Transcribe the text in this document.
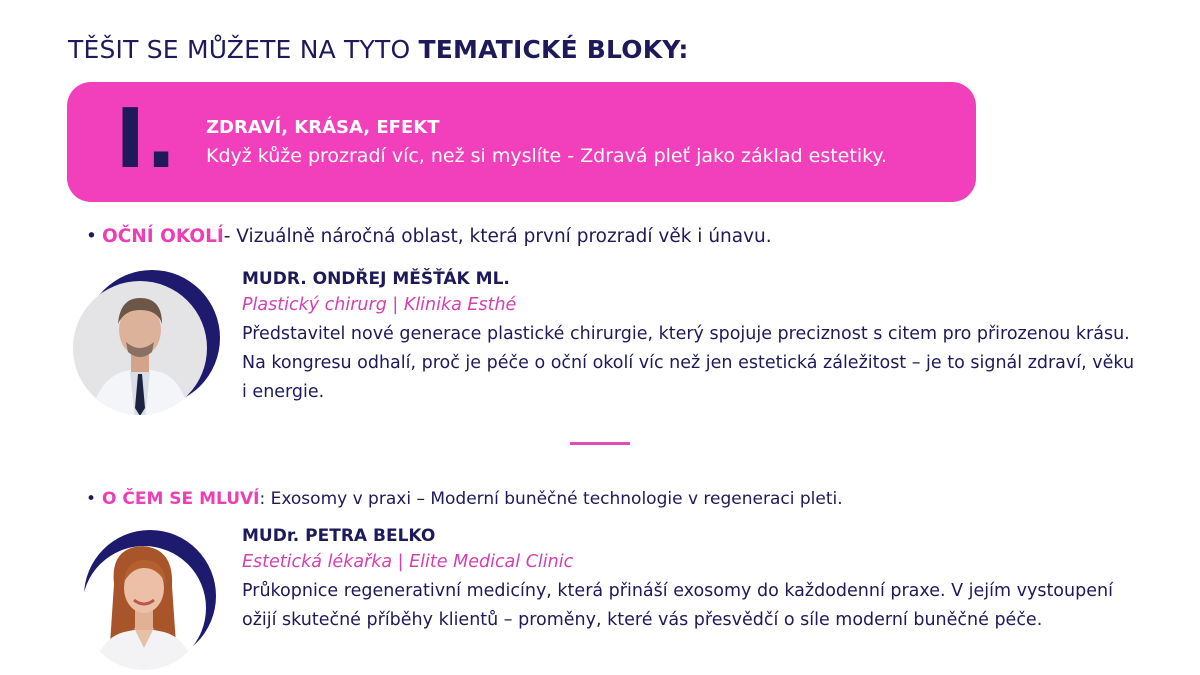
TĚŠIT SE MŮŽETE NA TYTO TEMATICKÉ BLOKY:
I. ZDRAVÍ, KRÁSA, EFEKT
Když kůže prozradí víc, než si myslíte - Zdravá pleť jako základ estetiky.
• OČNÍ OKOLÍ- Vizuálně náročná oblast, která první prozradí věk i únavu.
MUDR. ONDŘEJ MĚŠŤÁK ML.
Plastický chirurg | Klinika Esthé
Představitel nové generace plastické chirurgie, který spojuje preciznost s citem pro přirozenou krásu. Na kongresu odhalí, proč je péče o oční okolí víc než jen estetická záležitost – je to signál zdraví, věku i energie.
• O ČEM SE MLUVÍ: Exosomy v praxi – Moderní buněčné technologie v regeneraci pleti.
MUDr. PETRA BELKO
Estetická lékařka | Elite Medical Clinic
Průkopnice regenerativní medicíny, která přináší exosomy do každodenní praxe. V jejím vystoupení ožijí skutečné příběhy klientů – proměny, které vás přesvědčí o síle moderní buněčné péče.
